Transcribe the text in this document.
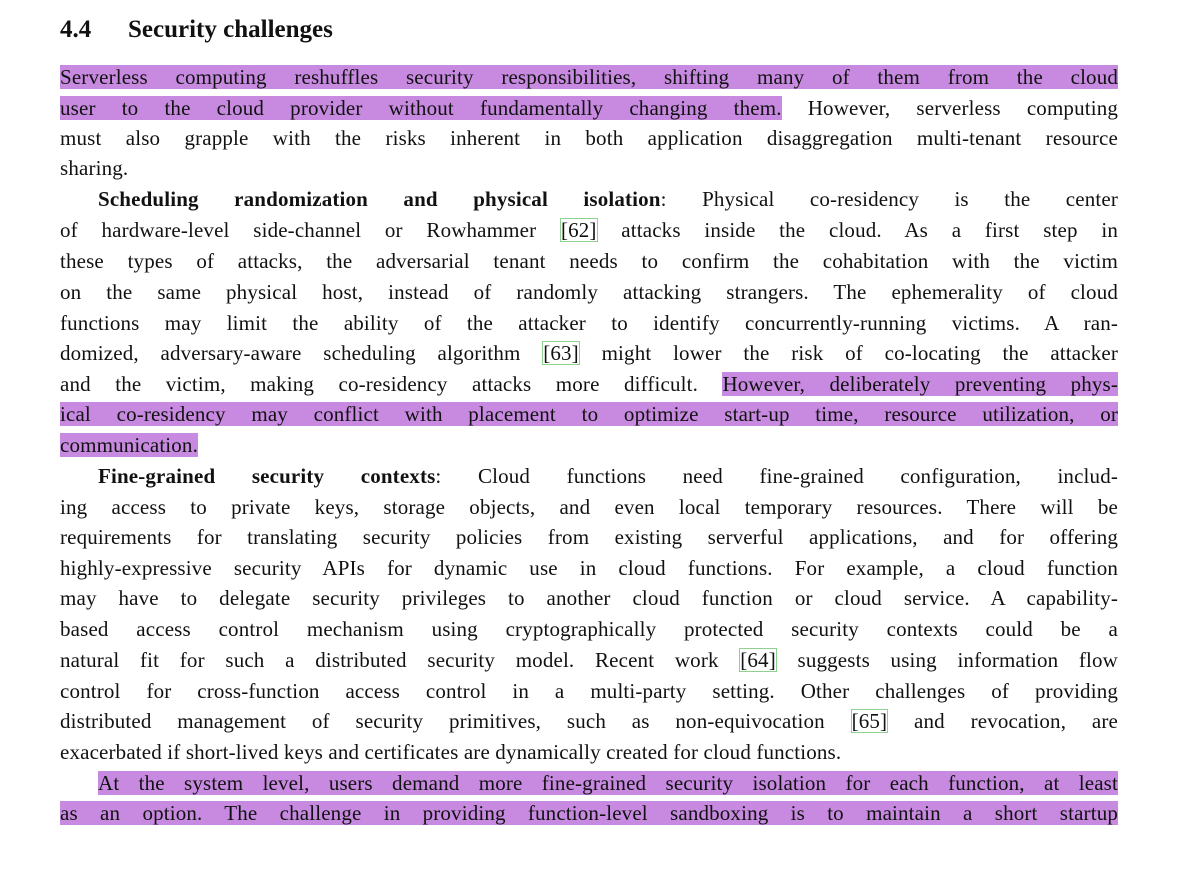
4.4 Security challenges
Serverless computing reshuffles security responsibilities, shifting many of them from the cloud
user to the cloud provider without fundamentally changing them. However, serverless computing
must also grapple with the risks inherent in both application disaggregation multi-tenant resource
sharing.
Scheduling randomization and physical isolation: Physical co-residency is the center
of hardware-level side-channel or Rowhammer [62] attacks inside the cloud. As a first step in
these types of attacks, the adversarial tenant needs to confirm the cohabitation with the victim
on the same physical host, instead of randomly attacking strangers. The ephemerality of cloud
functions may limit the ability of the attacker to identify concurrently-running victims. A ran-
domized, adversary-aware scheduling algorithm [63] might lower the risk of co-locating the attacker
and the victim, making co-residency attacks more difficult. However, deliberately preventing phys-
ical co-residency may conflict with placement to optimize start-up time, resource utilization, or
communication.
Fine-grained security contexts: Cloud functions need fine-grained configuration, includ-
ing access to private keys, storage objects, and even local temporary resources. There will be
requirements for translating security policies from existing serverful applications, and for offering
highly-expressive security APIs for dynamic use in cloud functions. For example, a cloud function
may have to delegate security privileges to another cloud function or cloud service. A capability-
based access control mechanism using cryptographically protected security contexts could be a
natural fit for such a distributed security model. Recent work [64] suggests using information flow
control for cross-function access control in a multi-party setting. Other challenges of providing
distributed management of security primitives, such as non-equivocation [65] and revocation, are
exacerbated if short-lived keys and certificates are dynamically created for cloud functions.
At the system level, users demand more fine-grained security isolation for each function, at least
as an option. The challenge in providing function-level sandboxing is to maintain a short startup
